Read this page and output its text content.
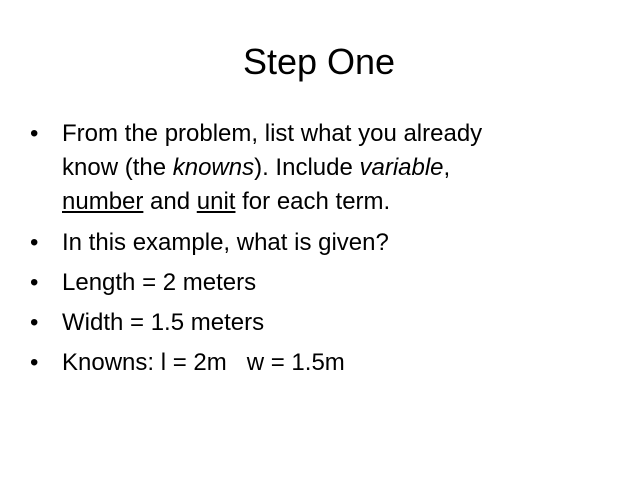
Step One
• From the problem, list what you already
know (the knowns). Include variable,
number and unit for each term.
• In this example, what is given?
• Length = 2 meters
• Width = 1.5 meters
• Knowns: l = 2m   w = 1.5m
